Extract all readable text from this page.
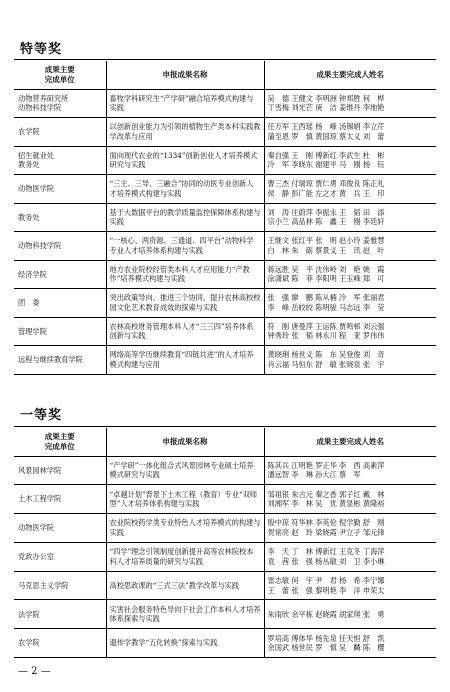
特等奖
成果主要
完成单位	申报成果名称	成果主要完成人姓名
动物营养研究所
动物科技学院	畜牧学科研究生“产学研”融合培养模式构建与实践	吴　德 王健文 李明洲 钟邦胜 何　桦
丁雪梅 刘光芒 庚　洁 姜维丹 李地艳
农学院	以创新创业能力为引领的植物生产类本科实践教学改革与应用	任万军 王西瑶 杨　峰 汤锡娟 李立芹
蒲至恩 罗　慎 黄国琼 蔡太义 刘　蕾
招生就业处
教务处	面向现代农业的“1334”创新创业人才培养模式研究与实践	秦自强 王　刚 傅新红 李武生 杜　彬
冷　军 李晓东 谢建平 马　刚 杨　钰
动物医学院	“三主、三导、三融合”协同的动医专业创新人才培养模式构建与实践	曹三杰 付瑞琼 贾仁勇 邓俊良 陈正礼
侯　静 彭广能 左之才 黄　兵 王　印
教务处	基于大数据平台的教学质量监控保障体系构建与实践	刘　涛 庄蔚萍 李振永 王　韬 田　添
宗小兰 高品林 陈　鑫 王　刚 李廷轩
动物科技学院	“一核心、两资源、三通道、四平台”动物科学专业人才培养体系构建与实践	王继文 张红平 张　明 赵小玲 姜雅慧
白　林 朱　砺 蔡景义 王　讯 赵　叶
经济学院	地方农业院校经管类本科人才应用能力“产教作”培养模式构建与实践	蒋远胜 吴　平 沈伟岭 刘　艳 姚　霞
涂潇斌 陈　菲 李阳明 王玉峰 郑　可
团　委	突出政策导向、推进三个协同，提升农林高校校园文化艺术教育成效的探索与实践	张　强 廖　鹏 陈从楠 冷　军 张丽君
李　峰 岳皎皎 陈明骏 马志远 李　莹
管理学院	农林高校财务管理本科人才“三三四”培养体系创新与实践	符　刚 唐曼萍 王运陈 贾鸣邨 刘云强
钟秀玲 张　韬 林永川 程　亚 罗伟伟
远程与继续教育学院	网络高等学历继续教育“四链共进”的人才培养模式构建与应用	黄晓琍 杨世义 陈　东 吴登俊 刘　奇
肖云福 马恒东 舒　敏 张晓泉 张　宇
一等奖
成果主要
完成单位	申报成果名称	成果主要完成人姓名
风景园林学院	“产学研”一体化组合式风景园林专业硕士培养模式研究与实践	陈其兵 江明艳 罗正华 李　西 高素萍
潘远智 李　琳 孙大江 蔡　军
土木工程学院	“卓越计划”背景下土木工程（教育）专业“双师型”人才培养体系构建与实践	邹祖银 朱古元 秦之香 郭子红 戴　林
刘湘军 李　林 吴　优 黄显彬 黄隆裕
动物医学院	农业院校药学类专业特色人才培养模式的构建与实践	殷中琼 符华林 李英伦 倪学勤 舒　刚
贺常亮 赵　玲 梁晓霞 尹立子 邹元锋
党政办公室	“四学”理念引领制度创新提升高等农林院校本科人才培养质量的研究与实践	李　天 丁　林 傅新红 王克冬 丁海萍
袁　茜 张　强 杨丛敏 刘　卫 李小琳
马克思主义学院	高校思政课的“三式三法”教学改革与实践	雷志敏 何　宇 尹　君 杨　希 李宁娜
王　蕾 张　强 黎明艳 李　洋 申荣太
法学院	实害社会服务特色导向下社会工作本科人才培养体系探索与实践	朱雨欣 余平栋 赵晓霞 胡家琪 张　勇
农学院	遗传学教学“五化转换”探索与实践	罗培高 傅体华 杨先泉 任天恒 舒　凯
余国武 杨世民 罗　慎 吴　麟 陈　樱
— 2 —
